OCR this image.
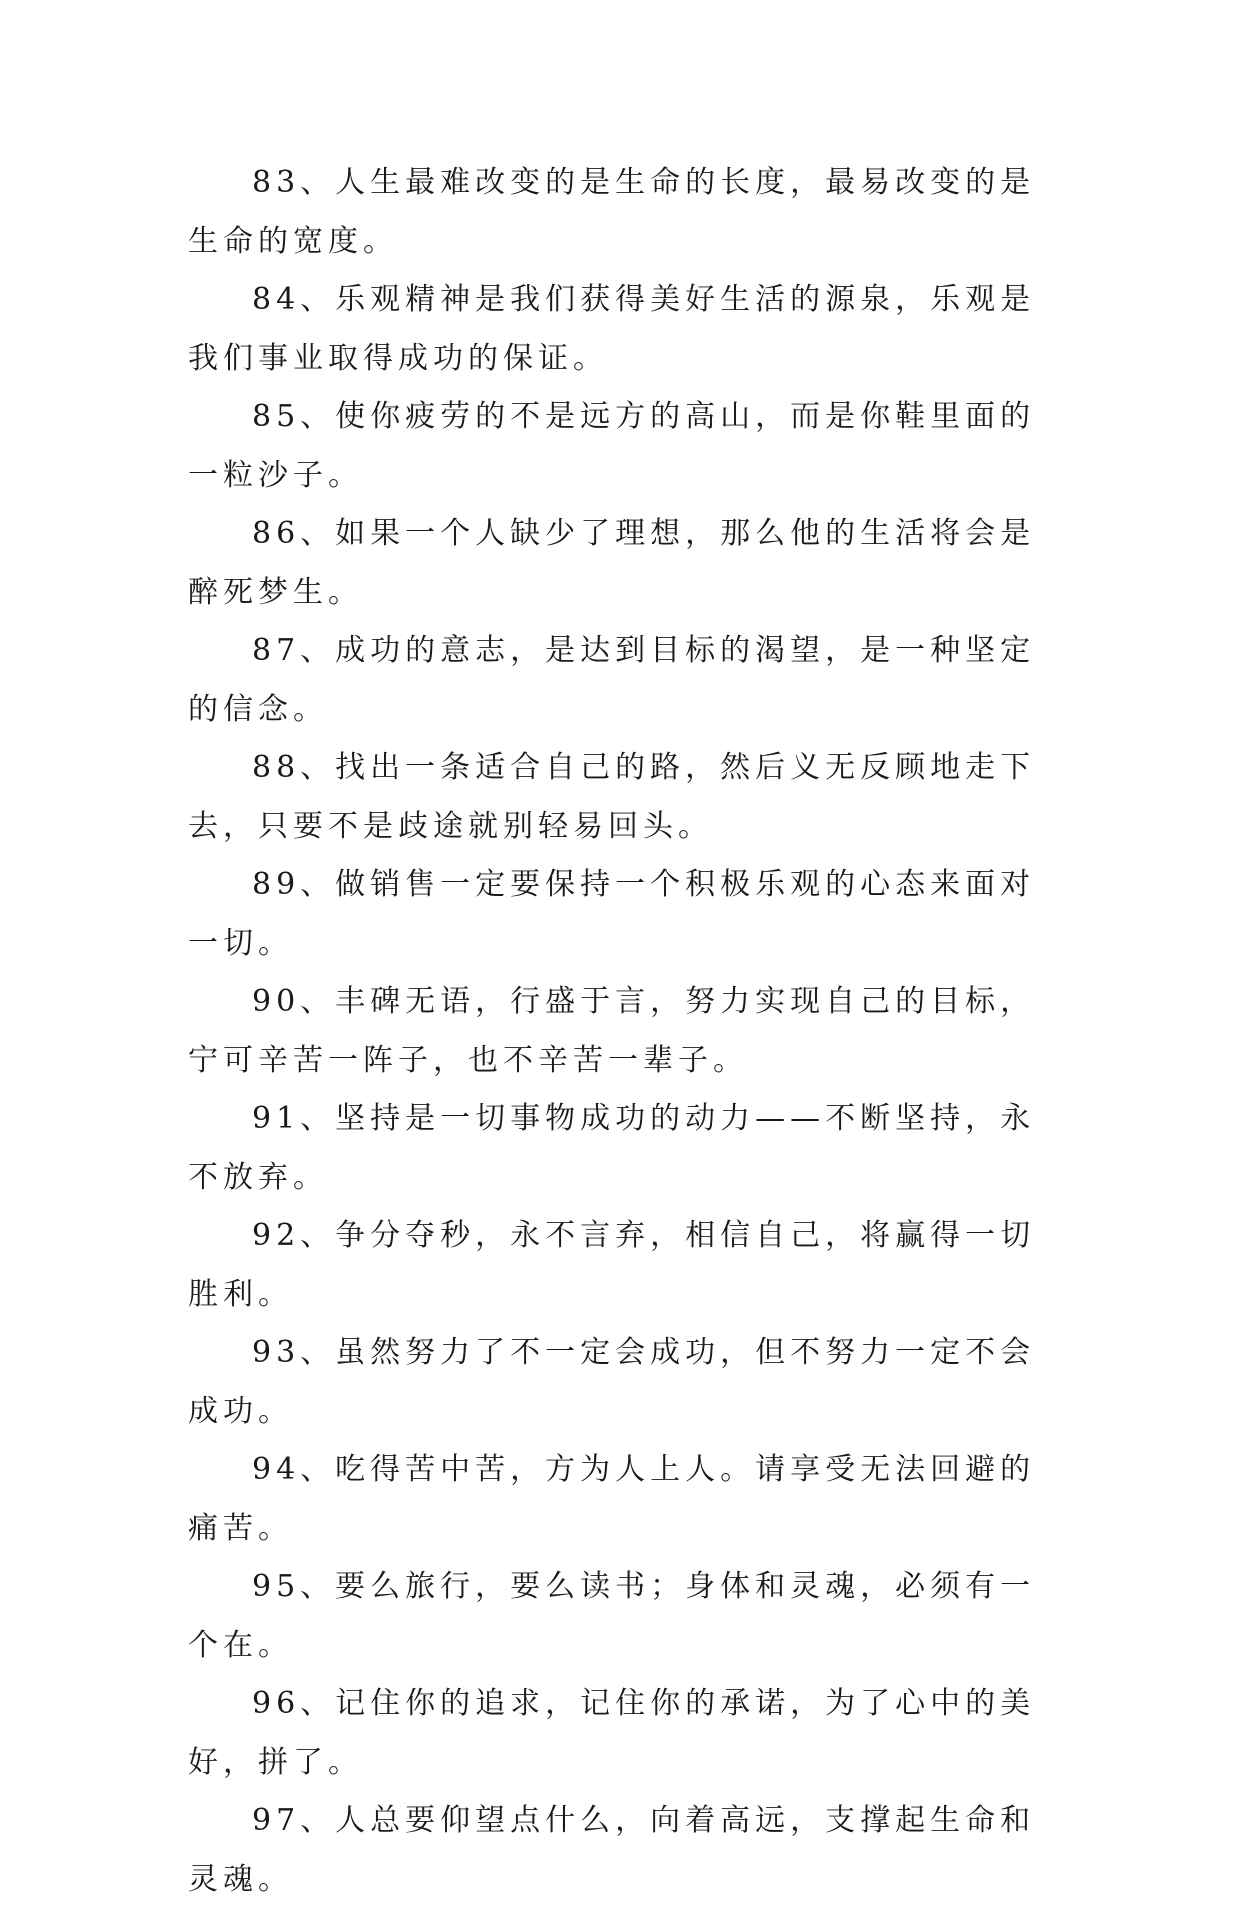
83、人生最难改变的是生命的长度，最易改变的是生命的宽度。

84、乐观精神是我们获得美好生活的源泉，乐观是我们事业取得成功的保证。

85、使你疲劳的不是远方的高山，而是你鞋里面的一粒沙子。

86、如果一个人缺少了理想，那么他的生活将会是醉死梦生。

87、成功的意志，是达到目标的渴望，是一种坚定的信念。

88、找出一条适合自己的路，然后义无反顾地走下去，只要不是歧途就别轻易回头。

89、做销售一定要保持一个积极乐观的心态来面对一切。

90、丰碑无语，行盛于言，努力实现自己的目标，宁可辛苦一阵子，也不辛苦一辈子。

91、坚持是一切事物成功的动力——不断坚持，永不放弃。

92、争分夺秒，永不言弃，相信自己，将赢得一切胜利。

93、虽然努力了不一定会成功，但不努力一定不会成功。

94、吃得苦中苦，方为人上人。请享受无法回避的痛苦。

95、要么旅行，要么读书；身体和灵魂，必须有一个在。

96、记住你的追求，记住你的承诺，为了心中的美好，拼了。

97、人总要仰望点什么，向着高远，支撑起生命和灵魂。
